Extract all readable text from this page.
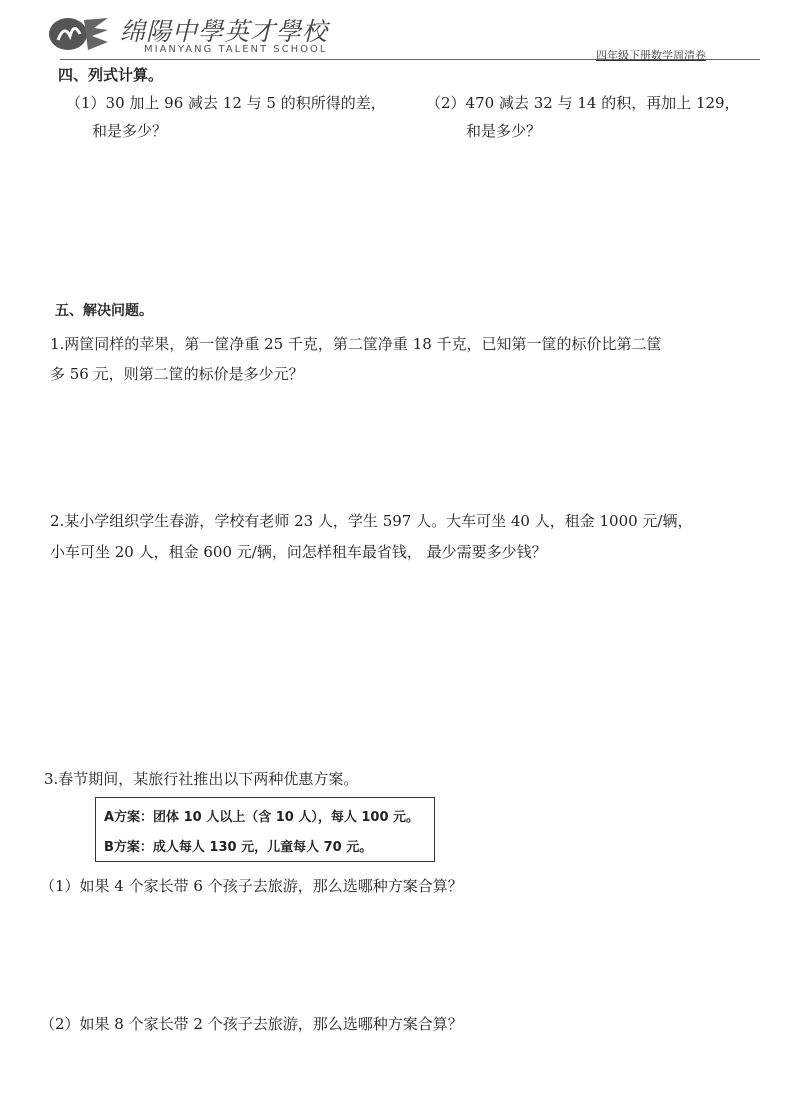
绵陽中學英才學校
MIANYANG TALENT SCHOOL	四年级下册数学周清卷
四、列式计算。
（1）30 加上 96 减去 12 与 5 的积所得的差，
和是多少？
（2）470 减去 32 与 14 的积，再加上 129，
和是多少？
五、解决问题。
1.两筐同样的苹果，第一筐净重 25 千克，第二筐净重 18 千克，已知第一筐的标价比第二筐
多 56 元，则第二筐的标价是多少元？
2.某小学组织学生春游，学校有老师 23 人，学生 597 人。大车可坐 40 人，租金 1000 元/辆，
小车可坐 20 人，租金 600 元/辆，问怎样租车最省钱， 最少需要多少钱？
3.春节期间，某旅行社推出以下两种优惠方案。
A方案：团体 10 人以上（含 10 人），每人 100 元。
B方案：成人每人 130 元，儿童每人 70 元。
（1）如果 4 个家长带 6 个孩子去旅游，那么选哪种方案合算？
（2）如果 8 个家长带 2 个孩子去旅游，那么选哪种方案合算？
